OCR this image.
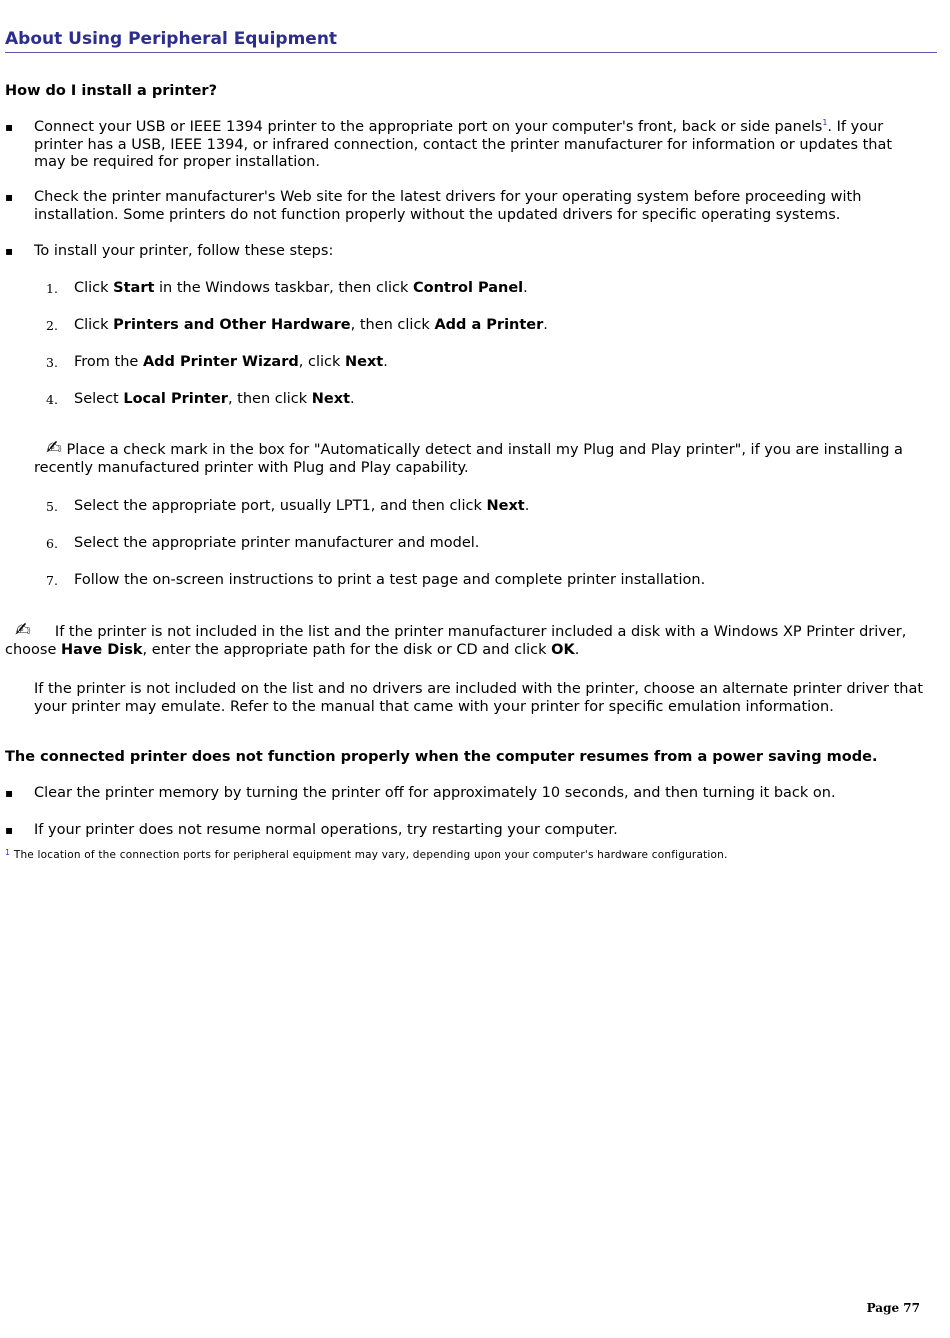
About Using Peripheral Equipment
How do I install a printer?
▪ Connect your USB or IEEE 1394 printer to the appropriate port on your computer's front, back or side panels$^1$. If your printer has a USB, IEEE 1394, or infrared connection, contact the printer manufacturer for information or updates that may be required for proper installation.
▪ Check the printer manufacturer's Web site for the latest drivers for your operating system before proceeding with installation. Some printers do not function properly without the updated drivers for specific operating systems.
▪ To install your printer, follow these steps:
1. Click Start in the Windows taskbar, then click Control Panel.
2. Click Printers and Other Hardware, then click Add a Printer.
3. From the Add Printer Wizard, click Next.
4. Select Local Printer, then click Next.
✍ Place a check mark in the box for "Automatically detect and install my Plug and Play printer", if you are installing a recently manufactured printer with Plug and Play capability.
5. Select the appropriate port, usually LPT1, and then click Next.
6. Select the appropriate printer manufacturer and model.
7. Follow the on-screen instructions to print a test page and complete printer installation.
✍ If the printer is not included in the list and the printer manufacturer included a disk with a Windows XP Printer driver, choose Have Disk, enter the appropriate path for the disk or CD and click OK.
If the printer is not included on the list and no drivers are included with the printer, choose an alternate printer driver that your printer may emulate. Refer to the manual that came with your printer for specific emulation information.
The connected printer does not function properly when the computer resumes from a power saving mode.
▪ Clear the printer memory by turning the printer off for approximately 10 seconds, and then turning it back on.
▪ If your printer does not resume normal operations, try restarting your computer.
$^1$ The location of the connection ports for peripheral equipment may vary, depending upon your computer's hardware configuration.
Page 77
